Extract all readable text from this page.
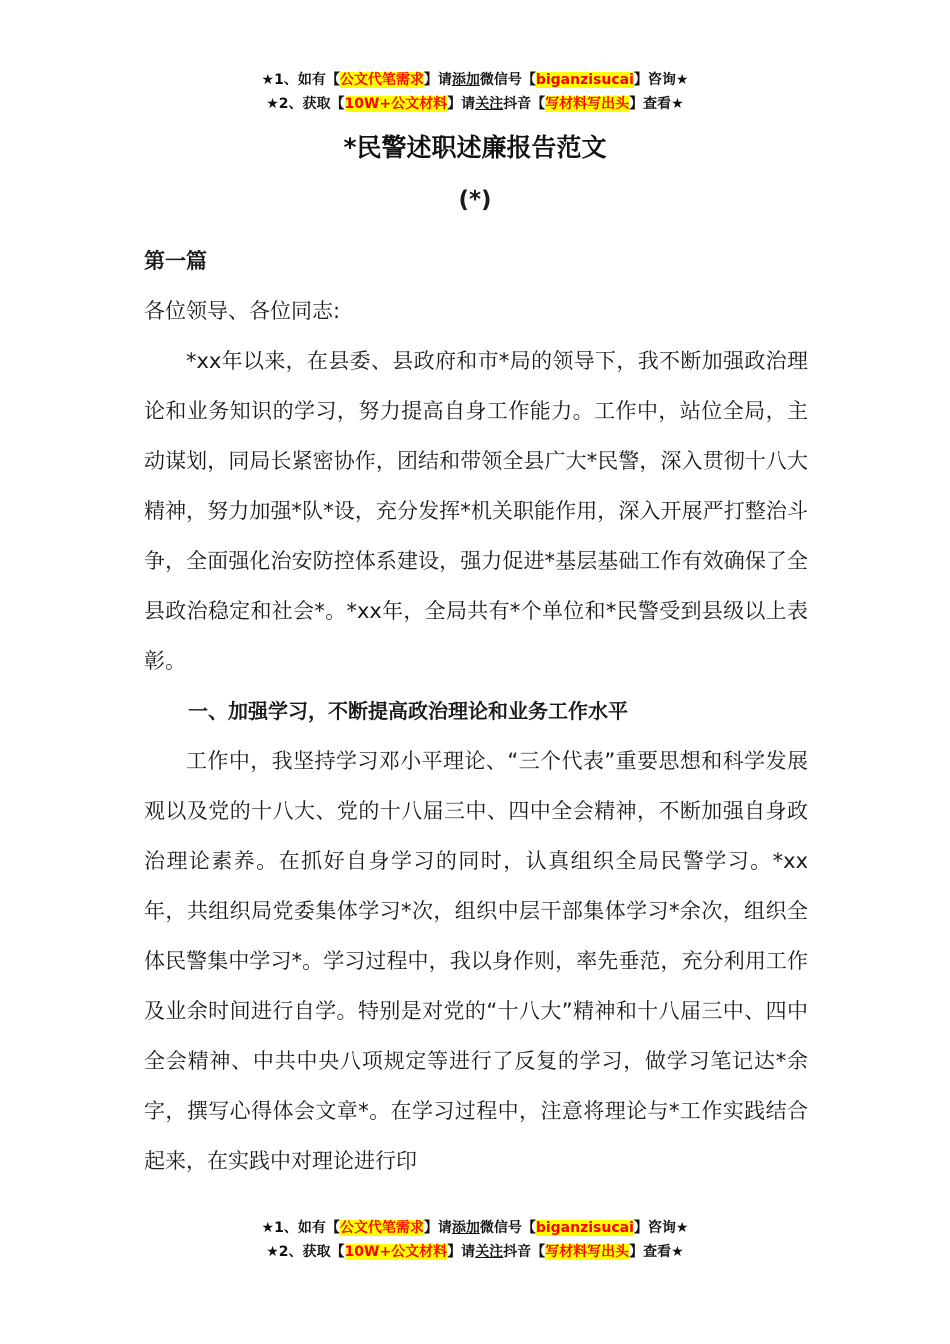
★1、如有【公文代笔需求】请添加微信号【biganzisucai】咨询★
★2、获取【10W+公文材料】请关注抖音【写材料写出头】查看★
*民警述职述廉报告范文
(*)

第一篇

各位领导、各位同志:

*xx年以来，在县委、县政府和市*局的领导下，我不断加强政治理论和业务知识的学习，努力提高自身工作能力。工作中，站位全局，主动谋划，同局长紧密协作，团结和带领全县广大*民警，深入贯彻十八大精神，努力加强*队*设，充分发挥*机关职能作用，深入开展严打整治斗争，全面强化治安防控体系建设，强力促进*基层基础工作有效确保了全县政治稳定和社会*。*xx年，全局共有*个单位和*民警受到县级以上表彰。

一、加强学习，不断提高政治理论和业务工作水平

工作中，我坚持学习邓小平理论、“三个代表”重要思想和科学发展观以及党的十八大、党的十八届三中、四中全会精神，不断加强自身政治理论素养。在抓好自身学习的同时，认真组织全局民警学习。*xx年，共组织局党委集体学习*次，组织中层干部集体学习*余次，组织全体民警集中学习*。学习过程中，我以身作则，率先垂范，充分利用工作及业余时间进行自学。特别是对党的“十八大”精神和十八届三中、四中全会精神、中共中央八项规定等进行了反复的学习，做学习笔记达*余字，撰写心得体会文章*。在学习过程中，注意将理论与*工作实践结合起来，在实践中对理论进行印

★1、如有【公文代笔需求】请添加微信号【biganzisucai】咨询★
★2、获取【10W+公文材料】请关注抖音【写材料写出头】查看★
